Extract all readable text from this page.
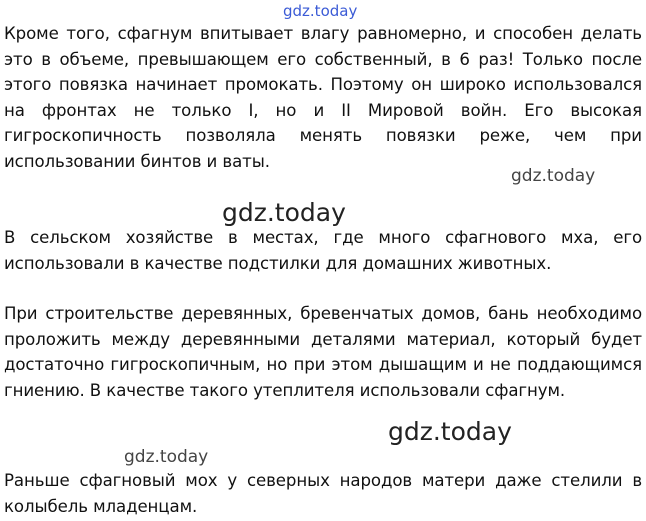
gdz.today

Кроме того, сфагнум впитывает влагу равномерно, и способен делать это в объеме, превышающем его собственный, в 6 раз! Только после этого повязка начинает промокать. Поэтому он широко использовался на фронтах не только I, но и II Мировой войн. Его высокая гигроскопичность позволяла менять повязки реже, чем при использовании бинтов и ваты.

В сельском хозяйстве в местах, где много сфагнового мха, его использовали в качестве подстилки для домашних животных.

При строительстве деревянных, бревенчатых домов, бань необходимо проложить между деревянными деталями материал, который будет достаточно гигроскопичным, но при этом дышащим и не поддающимся гниению. В качестве такого утеплителя использовали сфагнум.

Раньше сфагновый мох у северных народов матери даже стелили в колыбель младенцам.

gdz.today
gdz.today
gdz.today
gdz.today
